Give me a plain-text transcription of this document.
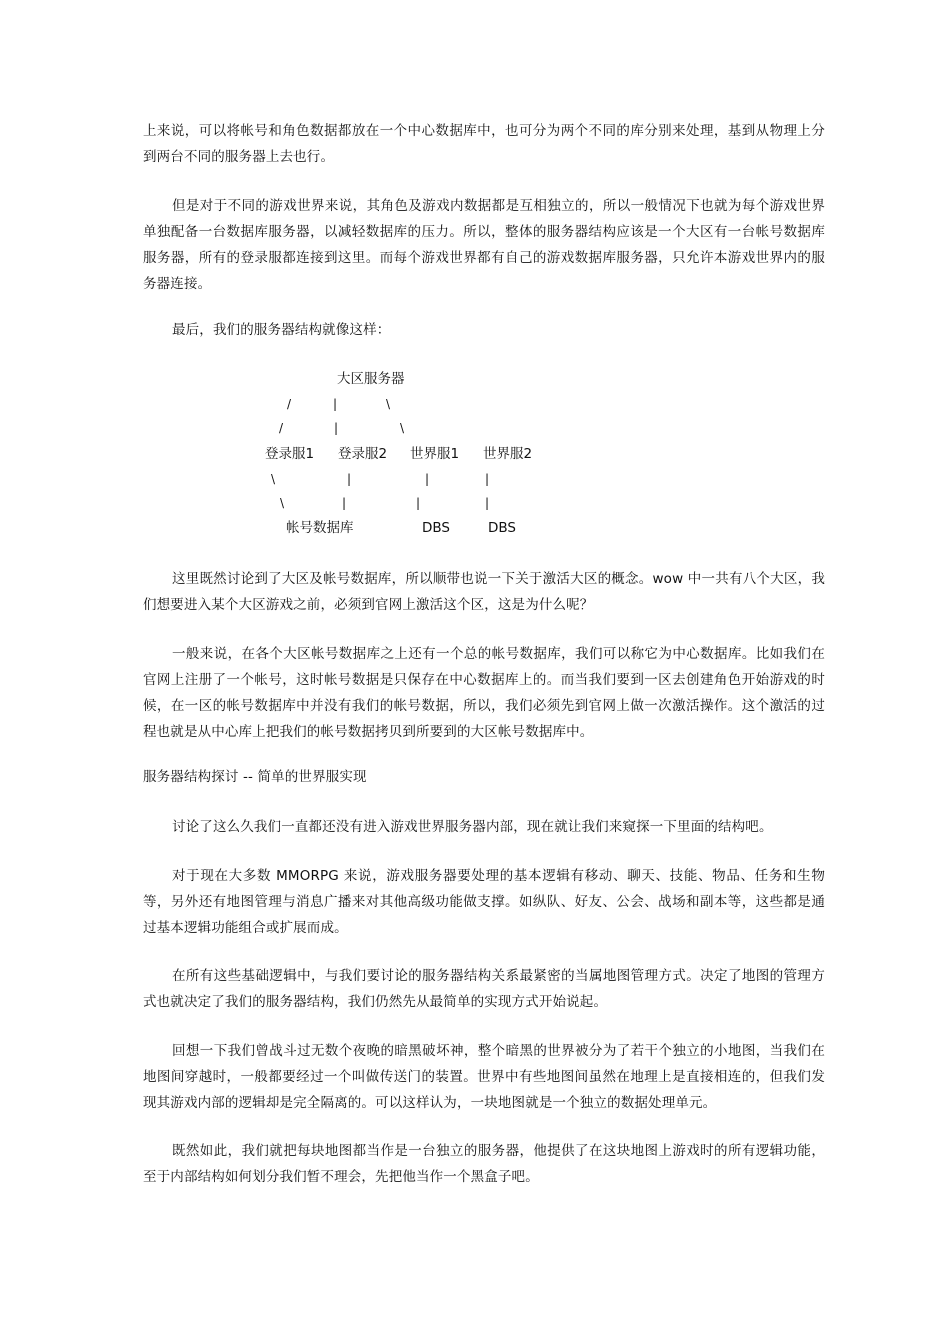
上来说，可以将帐号和角色数据都放在一个中心数据库中，也可分为两个不同的库分别来处理，基到从物理上分到两台不同的服务器上去也行。

但是对于不同的游戏世界来说，其角色及游戏内数据都是互相独立的，所以一般情况下也就为每个游戏世界单独配备一台数据库服务器，以减轻数据库的压力。所以，整体的服务器结构应该是一个大区有一台帐号数据库服务器，所有的登录服都连接到这里。而每个游戏世界都有自己的游戏数据库服务器，只允许本游戏世界内的服务器连接。

最后，我们的服务器结构就像这样：

大区服务器
/	|	\
/	|	\
登录服1 登录服2 世界服1 世界服2
\	|	|	|
\	|	|	|
帐号数据库	DBS	DBS

这里既然讨论到了大区及帐号数据库，所以顺带也说一下关于激活大区的概念。wow 中一共有八个大区，我们想要进入某个大区游戏之前，必须到官网上激活这个区，这是为什么呢？

一般来说，在各个大区帐号数据库之上还有一个总的帐号数据库，我们可以称它为中心数据库。比如我们在官网上注册了一个帐号，这时帐号数据是只保存在中心数据库上的。而当我们要到一区去创建角色开始游戏的时候，在一区的帐号数据库中并没有我们的帐号数据，所以，我们必须先到官网上做一次激活操作。这个激活的过程也就是从中心库上把我们的帐号数据拷贝到所要到的大区帐号数据库中。

服务器结构探讨 -- 简单的世界服实现

讨论了这么久我们一直都还没有进入游戏世界服务器内部，现在就让我们来窥探一下里面的结构吧。

对于现在大多数 MMORPG 来说，游戏服务器要处理的基本逻辑有移动、聊天、技能、物品、任务和生物等，另外还有地图管理与消息广播来对其他高级功能做支撑。如纵队、好友、公会、战场和副本等，这些都是通过基本逻辑功能组合或扩展而成。

在所有这些基础逻辑中，与我们要讨论的服务器结构关系最紧密的当属地图管理方式。决定了地图的管理方式也就决定了我们的服务器结构，我们仍然先从最简单的实现方式开始说起。

回想一下我们曾战斗过无数个夜晚的暗黑破坏神，整个暗黑的世界被分为了若干个独立的小地图，当我们在地图间穿越时，一般都要经过一个叫做传送门的装置。世界中有些地图间虽然在地理上是直接相连的，但我们发现其游戏内部的逻辑却是完全隔离的。可以这样认为，一块地图就是一个独立的数据处理单元。

既然如此，我们就把每块地图都当作是一台独立的服务器，他提供了在这块地图上游戏时的所有逻辑功能，至于内部结构如何划分我们暂不理会，先把他当作一个黑盒子吧。
